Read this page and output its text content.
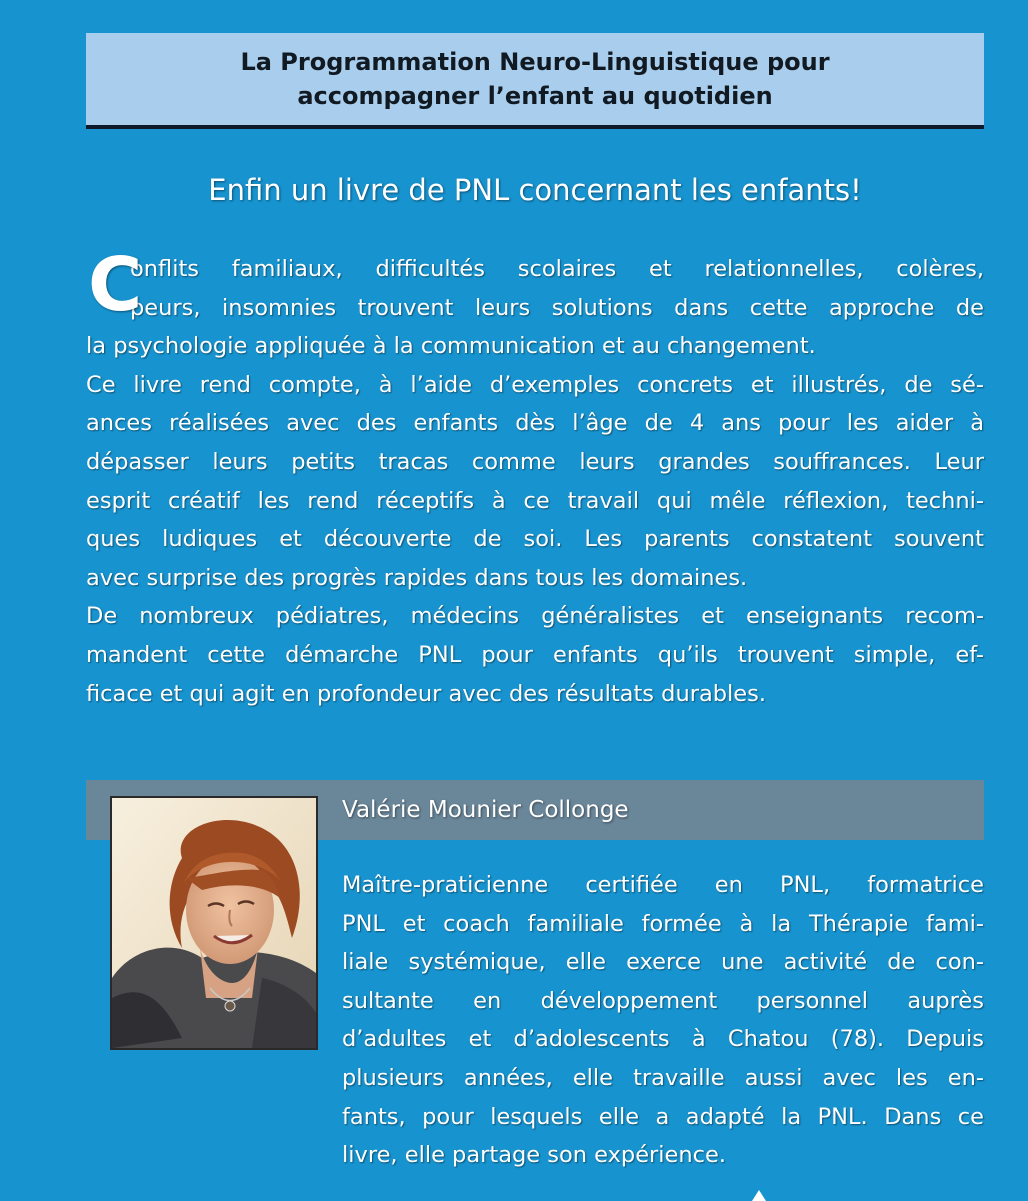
La Programmation Neuro-Linguistique pour
accompagner l’enfant au quotidien
Enfin un livre de PNL concernant les enfants!
C
onflits familiaux, difficultés scolaires et relationnelles, colères,
peurs, insomnies trouvent leurs solutions dans cette approche de
la psychologie appliquée à la communication et au changement.
Ce livre rend compte, à l’aide d’exemples concrets et illustrés, de sé-
ances réalisées avec des enfants dès l’âge de 4 ans pour les aider à
dépasser leurs petits tracas comme leurs grandes souffrances. Leur
esprit créatif les rend réceptifs à ce travail qui mêle réflexion, techni-
ques ludiques et découverte de soi. Les parents constatent souvent
avec surprise des progrès rapides dans tous les domaines.
De nombreux pédiatres, médecins généralistes et enseignants recom-
mandent cette démarche PNL pour enfants qu’ils trouvent simple, ef-
ficace et qui agit en profondeur avec des résultats durables.
Valérie Mounier Collonge
Maître-praticienne certifiée en PNL, formatrice
PNL et coach familiale formée à la Thérapie fami-
liale systémique, elle exerce une activité de con-
sultante en développement personnel auprès
d’adultes et d’adolescents à Chatou (78). Depuis
plusieurs années, elle travaille aussi avec les en-
fants, pour lesquels elle a adapté la PNL. Dans ce
livre, elle partage son expérience.
